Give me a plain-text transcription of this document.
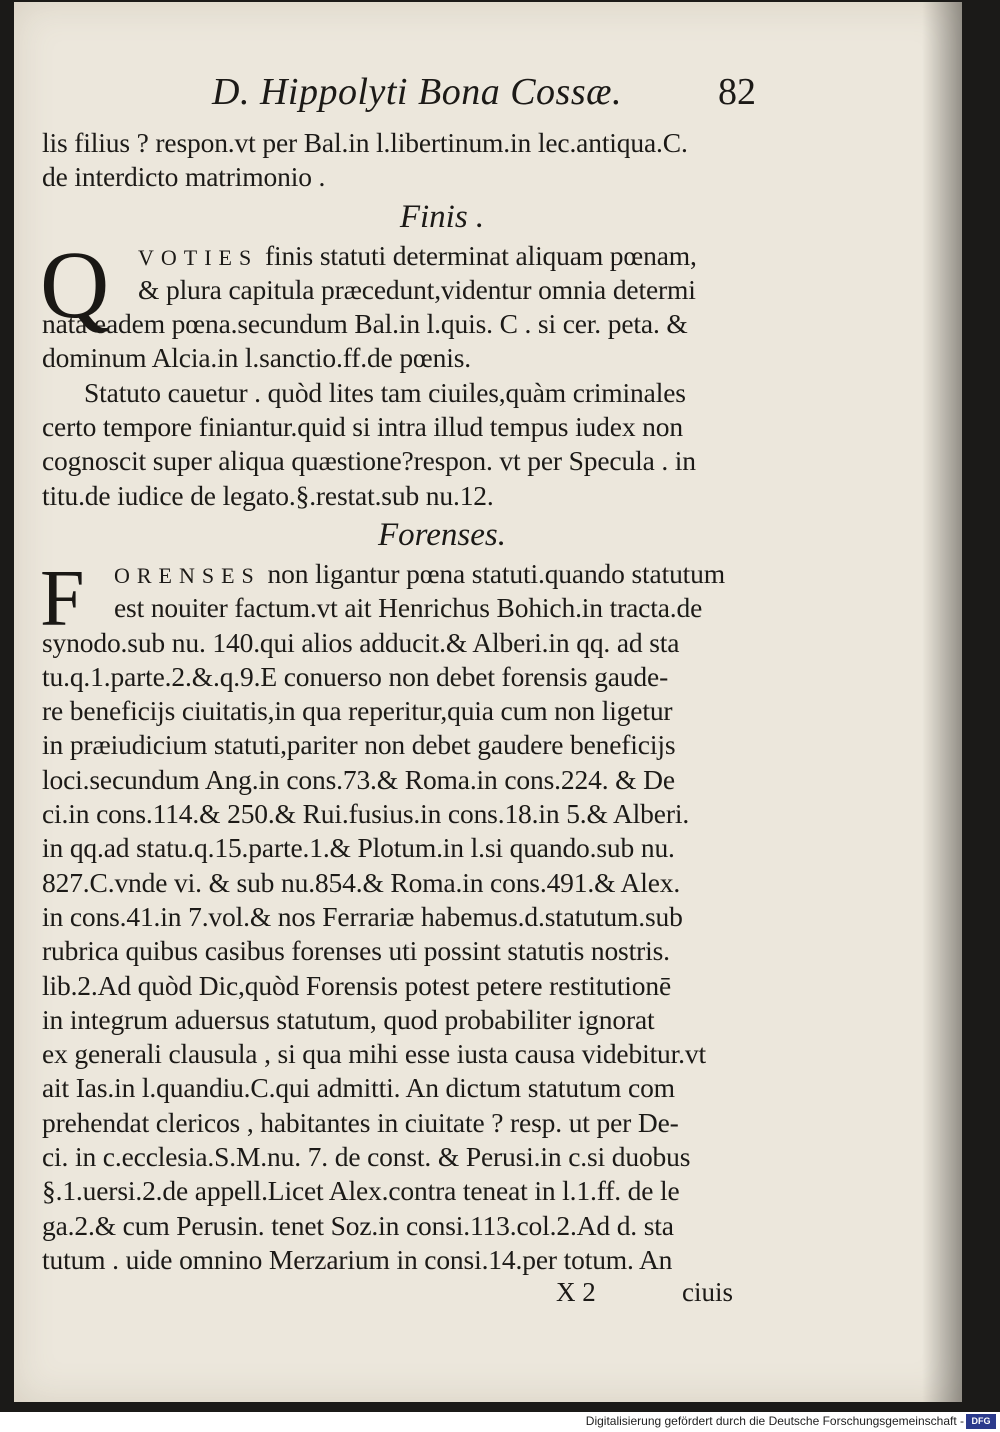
D. Hippolyti Bona Cossæ.	82
lis filius ? respon.vt per Bal.in l.libertinum.in lec.antiqua.C.
de interdicto matrimonio .
Finis .
Q	VOTIES finis statuti determinat aliquam pœnam,
& plura capitula præcedunt,videntur omnia determi
nata eadem pœna.secundum Bal.in l.quis. C . si cer. peta. &
dominum Alcia.in l.sanctio.ff.de pœnis.
Statuto cauetur . quòd lites tam ciuiles,quàm criminales
certo tempore finiantur.quid si intra illud tempus iudex non
cognoscit super aliqua quæstione?respon. vt per Specula . in
titu.de iudice de legato.§.restat.sub nu.12.
Forenses.
F	ORENSES non ligantur pœna statuti.quando statutum
est nouiter factum.vt ait Henrichus Bohich.in tracta.de
synodo.sub nu. 140.qui alios adducit.& Alberi.in qq. ad sta
tu.q.1.parte.2.&.q.9.E conuerso non debet forensis gaude-
re beneficijs ciuitatis,in qua reperitur,quia cum non ligetur
in præiudicium statuti,pariter non debet gaudere beneficijs
loci.secundum Ang.in cons.73.& Roma.in cons.224. & De
ci.in cons.114.& 250.& Rui.fusius.in cons.18.in 5.& Alberi.
in qq.ad statu.q.15.parte.1.& Plotum.in l.si quando.sub nu.
827.C.vnde vi. & sub nu.854.& Roma.in cons.491.& Alex.
in cons.41.in 7.vol.& nos Ferrariæ habemus.d.statutum.sub
rubrica quibus casibus forenses uti possint statutis nostris.
lib.2.Ad quòd Dic,quòd Forensis potest petere restitutionē
in integrum aduersus statutum, quod probabiliter ignorat
ex generali clausula , si qua mihi esse iusta causa videbitur.vt
ait Ias.in l.quandiu.C.qui admitti. An dictum statutum com
prehendat clericos , habitantes in ciuitate ? resp. ut per De-
ci. in c.ecclesia.S.M.nu. 7. de const. & Perusi.in c.si duobus
§.1.uersi.2.de appell.Licet Alex.contra teneat in l.1.ff. de le
ga.2.& cum Perusin. tenet Soz.in consi.113.col.2.Ad d. sta
tutum . uide omnino Merzarium in consi.14.per totum. An
X 2	ciuis
Digitalisierung gefördert durch die Deutsche Forschungsgemeinschaft - DFG
